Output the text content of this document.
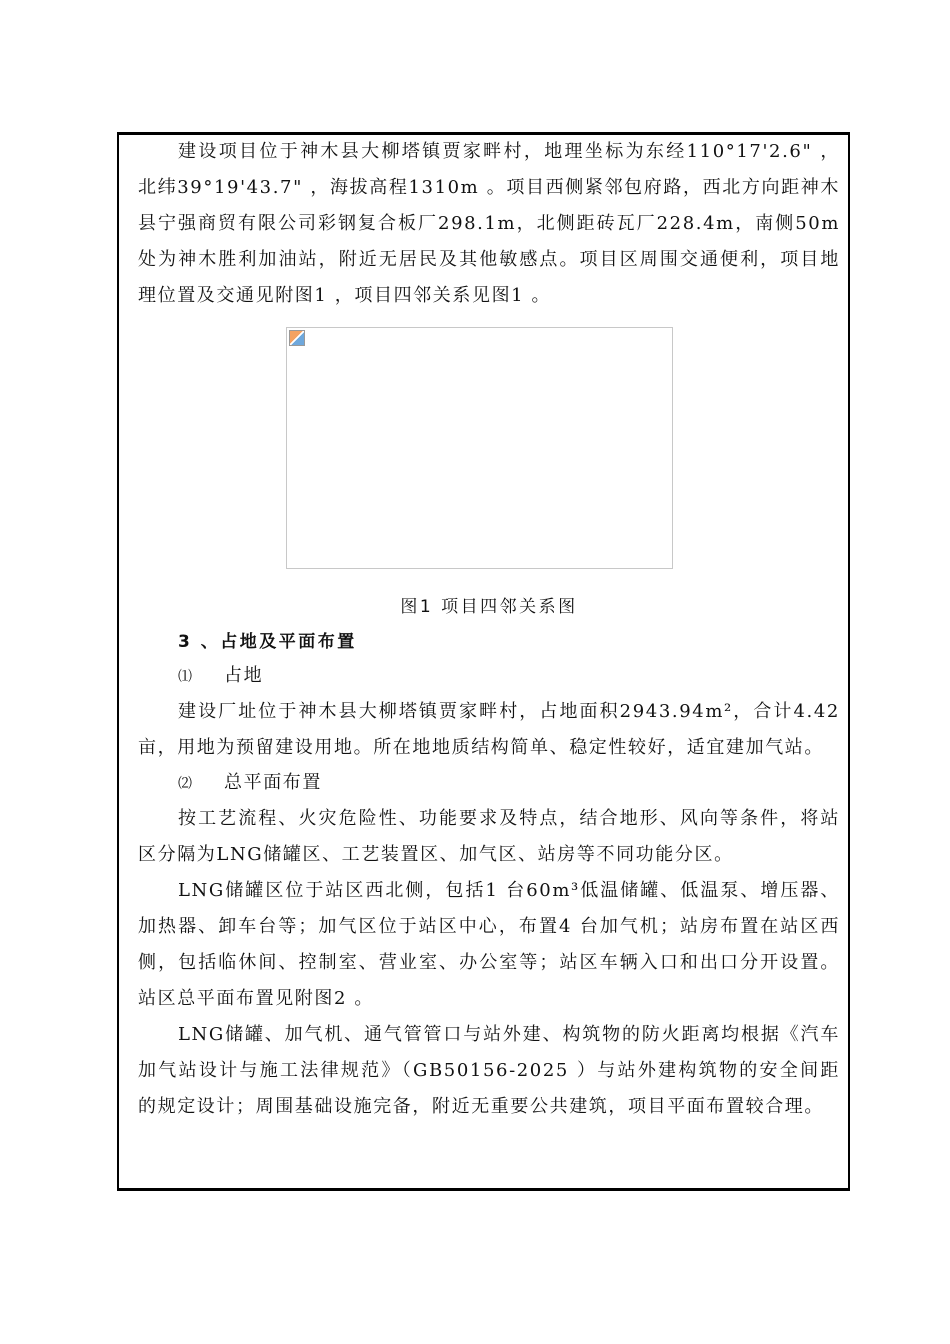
建设项目位于神木县大柳塔镇贾家畔村，地理坐标为东经110°17'2.6" ，北纬39°19'43.7" ，海拔高程1310m 。项目西侧紧邻包府路，西北方向距神木县宁强商贸有限公司彩钢复合板厂298.1m，北侧距砖瓦厂228.4m，南侧50m处为神木胜利加油站，附近无居民及其他敏感点。项目区周围交通便利，项目地理位置及交通见附图1 ，项目四邻关系见图1 。

图1 项目四邻关系图
3 、占地及平面布置
⑴ 占地

建设厂址位于神木县大柳塔镇贾家畔村，占地面积2943.94m²，合计4.42亩，用地为预留建设用地。所在地地质结构简单、稳定性较好，适宜建加气站。

⑵ 总平面布置

按工艺流程、火灾危险性、功能要求及特点，结合地形、风向等条件，将站区分隔为LNG储罐区、工艺装置区、加气区、站房等不同功能分区。

LNG储罐区位于站区西北侧，包括1 台60m³低温储罐、低温泵、增压器、加热器、卸车台等；加气区位于站区中心，布置4 台加气机；站房布置在站区西侧，包括临休间、控制室、营业室、办公室等；站区车辆入口和出口分开设置。站区总平面布置见附图2 。

LNG储罐、加气机、通气管管口与站外建、构筑物的防火距离均根据《汽车加气站设计与施工法律规范》（GB50156-2025 ）与站外建构筑物的安全间距的规定设计；周围基础设施完备，附近无重要公共建筑，项目平面布置较合理。
